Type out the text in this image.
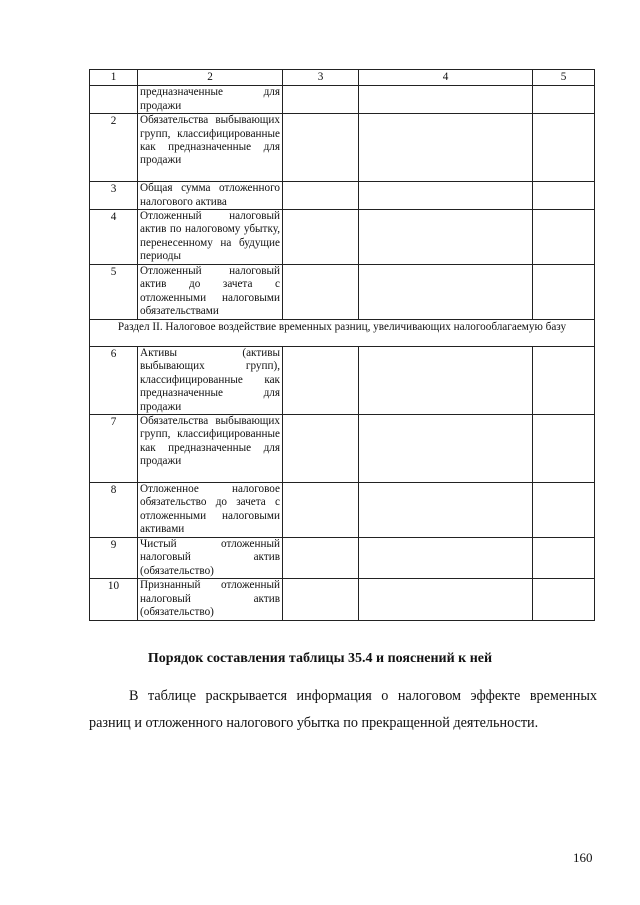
1	2	3	4	5
	предназначенные для продажи			
2	Обязательства выбывающих групп, классифицированные как предназначенные для продажи			
3	Общая сумма отложенного налогового актива			
4	Отложенный налоговый актив по налоговому убытку, перенесенному на будущие периоды			
5	Отложенный налоговый актив до зачета с отложенными налоговыми обязательствами			
Раздел II. Налоговое воздействие временных разниц, увеличивающих налогооблагаемую базу				
6	Активы (активы выбывающих групп), классифицированные как предназначенные для продажи			
7	Обязательства выбывающих групп, классифицированные как предназначенные для продажи			
8	Отложенное налоговое обязательство до зачета с отложенными налоговыми активами			
9	Чистый отложенный налоговый актив (обязательство)			
10	Признанный отложенный налоговый актив (обязательство)			
Порядок составления таблицы 35.4 и пояснений к ней
В таблице раскрывается информация о налоговом эффекте временных разниц и отложенного налогового убытка по прекращенной деятельности.
160
